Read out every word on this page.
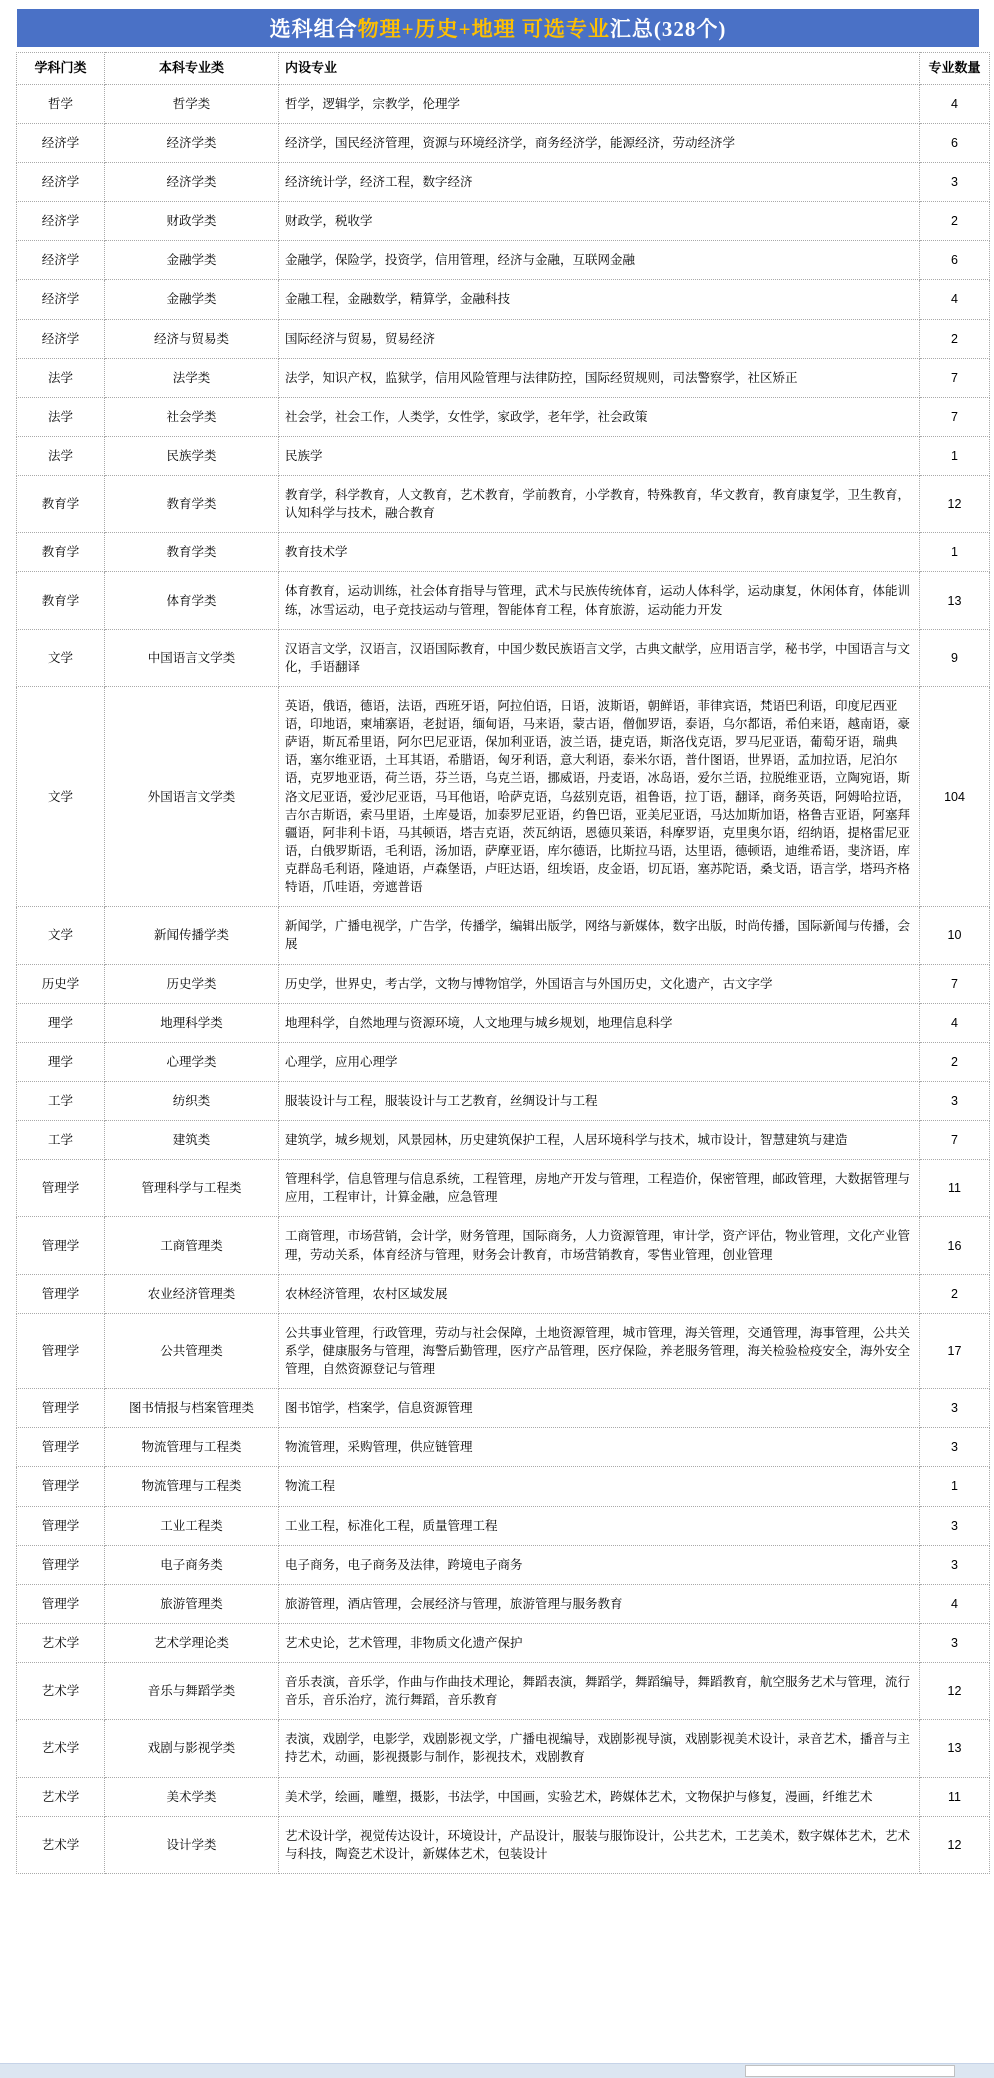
选科组合 物理+历史+地理 可选专业 汇总(328个)
学科门类	本科专业类	内设专业	专业数量
哲学	哲学类	哲学，逻辑学，宗教学，伦理学	4
经济学	经济学类	经济学，国民经济管理，资源与环境经济学，商务经济学，能源经济，劳动经济学	6
经济学	经济学类	经济统计学，经济工程，数字经济	3
经济学	财政学类	财政学，税收学	2
经济学	金融学类	金融学，保险学，投资学，信用管理，经济与金融，互联网金融	6
经济学	金融学类	金融工程，金融数学，精算学，金融科技	4
经济学	经济与贸易类	国际经济与贸易，贸易经济	2
法学	法学类	法学，知识产权，监狱学，信用风险管理与法律防控，国际经贸规则，司法警察学，社区矫正	7
法学	社会学类	社会学，社会工作，人类学，女性学，家政学，老年学，社会政策	7
法学	民族学类	民族学	1
教育学	教育学类	教育学，科学教育，人文教育，艺术教育，学前教育，小学教育，特殊教育，华文教育，教育康复学，卫生教育，认知科学与技术，融合教育	12
教育学	教育学类	教育技术学	1
教育学	体育学类	体育教育，运动训练，社会体育指导与管理，武术与民族传统体育，运动人体科学，运动康复，休闲体育，体能训练，冰雪运动，电子竞技运动与管理，智能体育工程，体育旅游，运动能力开发	13
文学	中国语言文学类	汉语言文学，汉语言，汉语国际教育，中国少数民族语言文学，古典文献学，应用语言学，秘书学，中国语言与文化，手语翻译	9
文学	外国语言文学类	英语，俄语，德语，法语，西班牙语，阿拉伯语，日语，波斯语，朝鲜语，菲律宾语，梵语巴利语，印度尼西亚语，印地语，柬埔寨语，老挝语，缅甸语，马来语，蒙古语，僧伽罗语，泰语，乌尔都语，希伯来语，越南语，豪萨语，斯瓦希里语，阿尔巴尼亚语，保加利亚语，波兰语，捷克语，斯洛伐克语，罗马尼亚语，葡萄牙语，瑞典语，塞尔维亚语，土耳其语，希腊语，匈牙利语，意大利语，泰米尔语，普什图语，世界语，孟加拉语，尼泊尔语，克罗地亚语，荷兰语，芬兰语，乌克兰语，挪威语，丹麦语，冰岛语，爱尔兰语，拉脱维亚语，立陶宛语，斯洛文尼亚语，爱沙尼亚语，马耳他语，哈萨克语，乌兹别克语，祖鲁语，拉丁语，翻译，商务英语，阿姆哈拉语，吉尔吉斯语，索马里语，土库曼语，加泰罗尼亚语，约鲁巴语，亚美尼亚语，马达加斯加语，格鲁吉亚语，阿塞拜疆语，阿非利卡语，马其顿语，塔吉克语，茨瓦纳语，恩德贝莱语，科摩罗语，克里奥尔语，绍纳语，提格雷尼亚语，白俄罗斯语，毛利语，汤加语，萨摩亚语，库尔德语，比斯拉马语，达里语，德顿语，迪维希语，斐济语，库克群岛毛利语，隆迪语，卢森堡语，卢旺达语，纽埃语，皮金语，切瓦语，塞苏陀语，桑戈语，语言学，塔玛齐格特语，爪哇语，旁遮普语	104
文学	新闻传播学类	新闻学，广播电视学，广告学，传播学，编辑出版学，网络与新媒体，数字出版，时尚传播，国际新闻与传播，会展	10
历史学	历史学类	历史学，世界史，考古学，文物与博物馆学，外国语言与外国历史，文化遗产，古文字学	7
理学	地理科学类	地理科学，自然地理与资源环境，人文地理与城乡规划，地理信息科学	4
理学	心理学类	心理学，应用心理学	2
工学	纺织类	服装设计与工程，服装设计与工艺教育，丝绸设计与工程	3
工学	建筑类	建筑学，城乡规划，风景园林，历史建筑保护工程，人居环境科学与技术，城市设计，智慧建筑与建造	7
管理学	管理科学与工程类	管理科学，信息管理与信息系统，工程管理，房地产开发与管理，工程造价，保密管理，邮政管理，大数据管理与应用，工程审计，计算金融，应急管理	11
管理学	工商管理类	工商管理，市场营销，会计学，财务管理，国际商务，人力资源管理，审计学，资产评估，物业管理，文化产业管理，劳动关系，体育经济与管理，财务会计教育，市场营销教育，零售业管理，创业管理	16
管理学	农业经济管理类	农林经济管理，农村区域发展	2
管理学	公共管理类	公共事业管理，行政管理，劳动与社会保障，土地资源管理，城市管理，海关管理，交通管理，海事管理，公共关系学，健康服务与管理，海警后勤管理，医疗产品管理，医疗保险，养老服务管理，海关检验检疫安全，海外安全管理，自然资源登记与管理	17
管理学	图书情报与档案管理类	图书馆学，档案学，信息资源管理	3
管理学	物流管理与工程类	物流管理，采购管理，供应链管理	3
管理学	物流管理与工程类	物流工程	1
管理学	工业工程类	工业工程，标准化工程，质量管理工程	3
管理学	电子商务类	电子商务，电子商务及法律，跨境电子商务	3
管理学	旅游管理类	旅游管理，酒店管理，会展经济与管理，旅游管理与服务教育	4
艺术学	艺术学理论类	艺术史论，艺术管理，非物质文化遗产保护	3
艺术学	音乐与舞蹈学类	音乐表演，音乐学，作曲与作曲技术理论，舞蹈表演，舞蹈学，舞蹈编导，舞蹈教育，航空服务艺术与管理，流行音乐，音乐治疗，流行舞蹈，音乐教育	12
艺术学	戏剧与影视学类	表演，戏剧学，电影学，戏剧影视文学，广播电视编导，戏剧影视导演，戏剧影视美术设计，录音艺术，播音与主持艺术，动画，影视摄影与制作，影视技术，戏剧教育	13
艺术学	美术学类	美术学，绘画，雕塑，摄影，书法学，中国画，实验艺术，跨媒体艺术，文物保护与修复，漫画，纤维艺术	11
艺术学	设计学类	艺术设计学，视觉传达设计，环境设计，产品设计，服装与服饰设计，公共艺术，工艺美术，数字媒体艺术，艺术与科技，陶瓷艺术设计，新媒体艺术，包装设计	12
